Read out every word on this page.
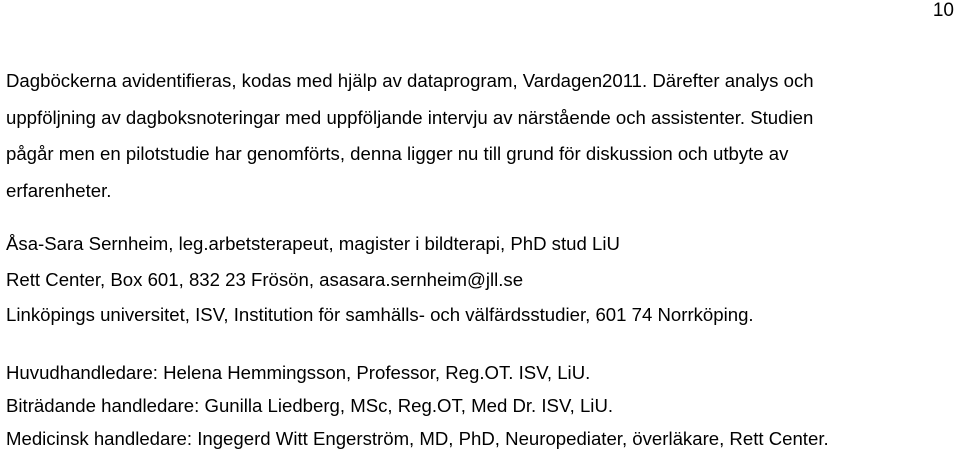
10
Dagböckerna avidentifieras, kodas med hjälp av dataprogram, Vardagen2011. Därefter analys och
uppföljning av dagboksnoteringar med uppföljande intervju av närstående och assistenter. Studien
pågår men en pilotstudie har genomförts, denna ligger nu till grund för diskussion och utbyte av
erfarenheter.
Åsa-Sara Sernheim, leg.arbetsterapeut, magister i bildterapi, PhD stud LiU
Rett Center, Box 601, 832 23 Frösön, asasara.sernheim@jll.se
Linköpings universitet, ISV, Institution för samhälls- och välfärdsstudier, 601 74 Norrköping.
Huvudhandledare: Helena Hemmingsson, Professor, Reg.OT. ISV, LiU.
Biträdande handledare: Gunilla Liedberg, MSc, Reg.OT, Med Dr. ISV, LiU.
Medicinsk handledare: Ingegerd Witt Engerström, MD, PhD, Neuropediater, överläkare, Rett Center.
